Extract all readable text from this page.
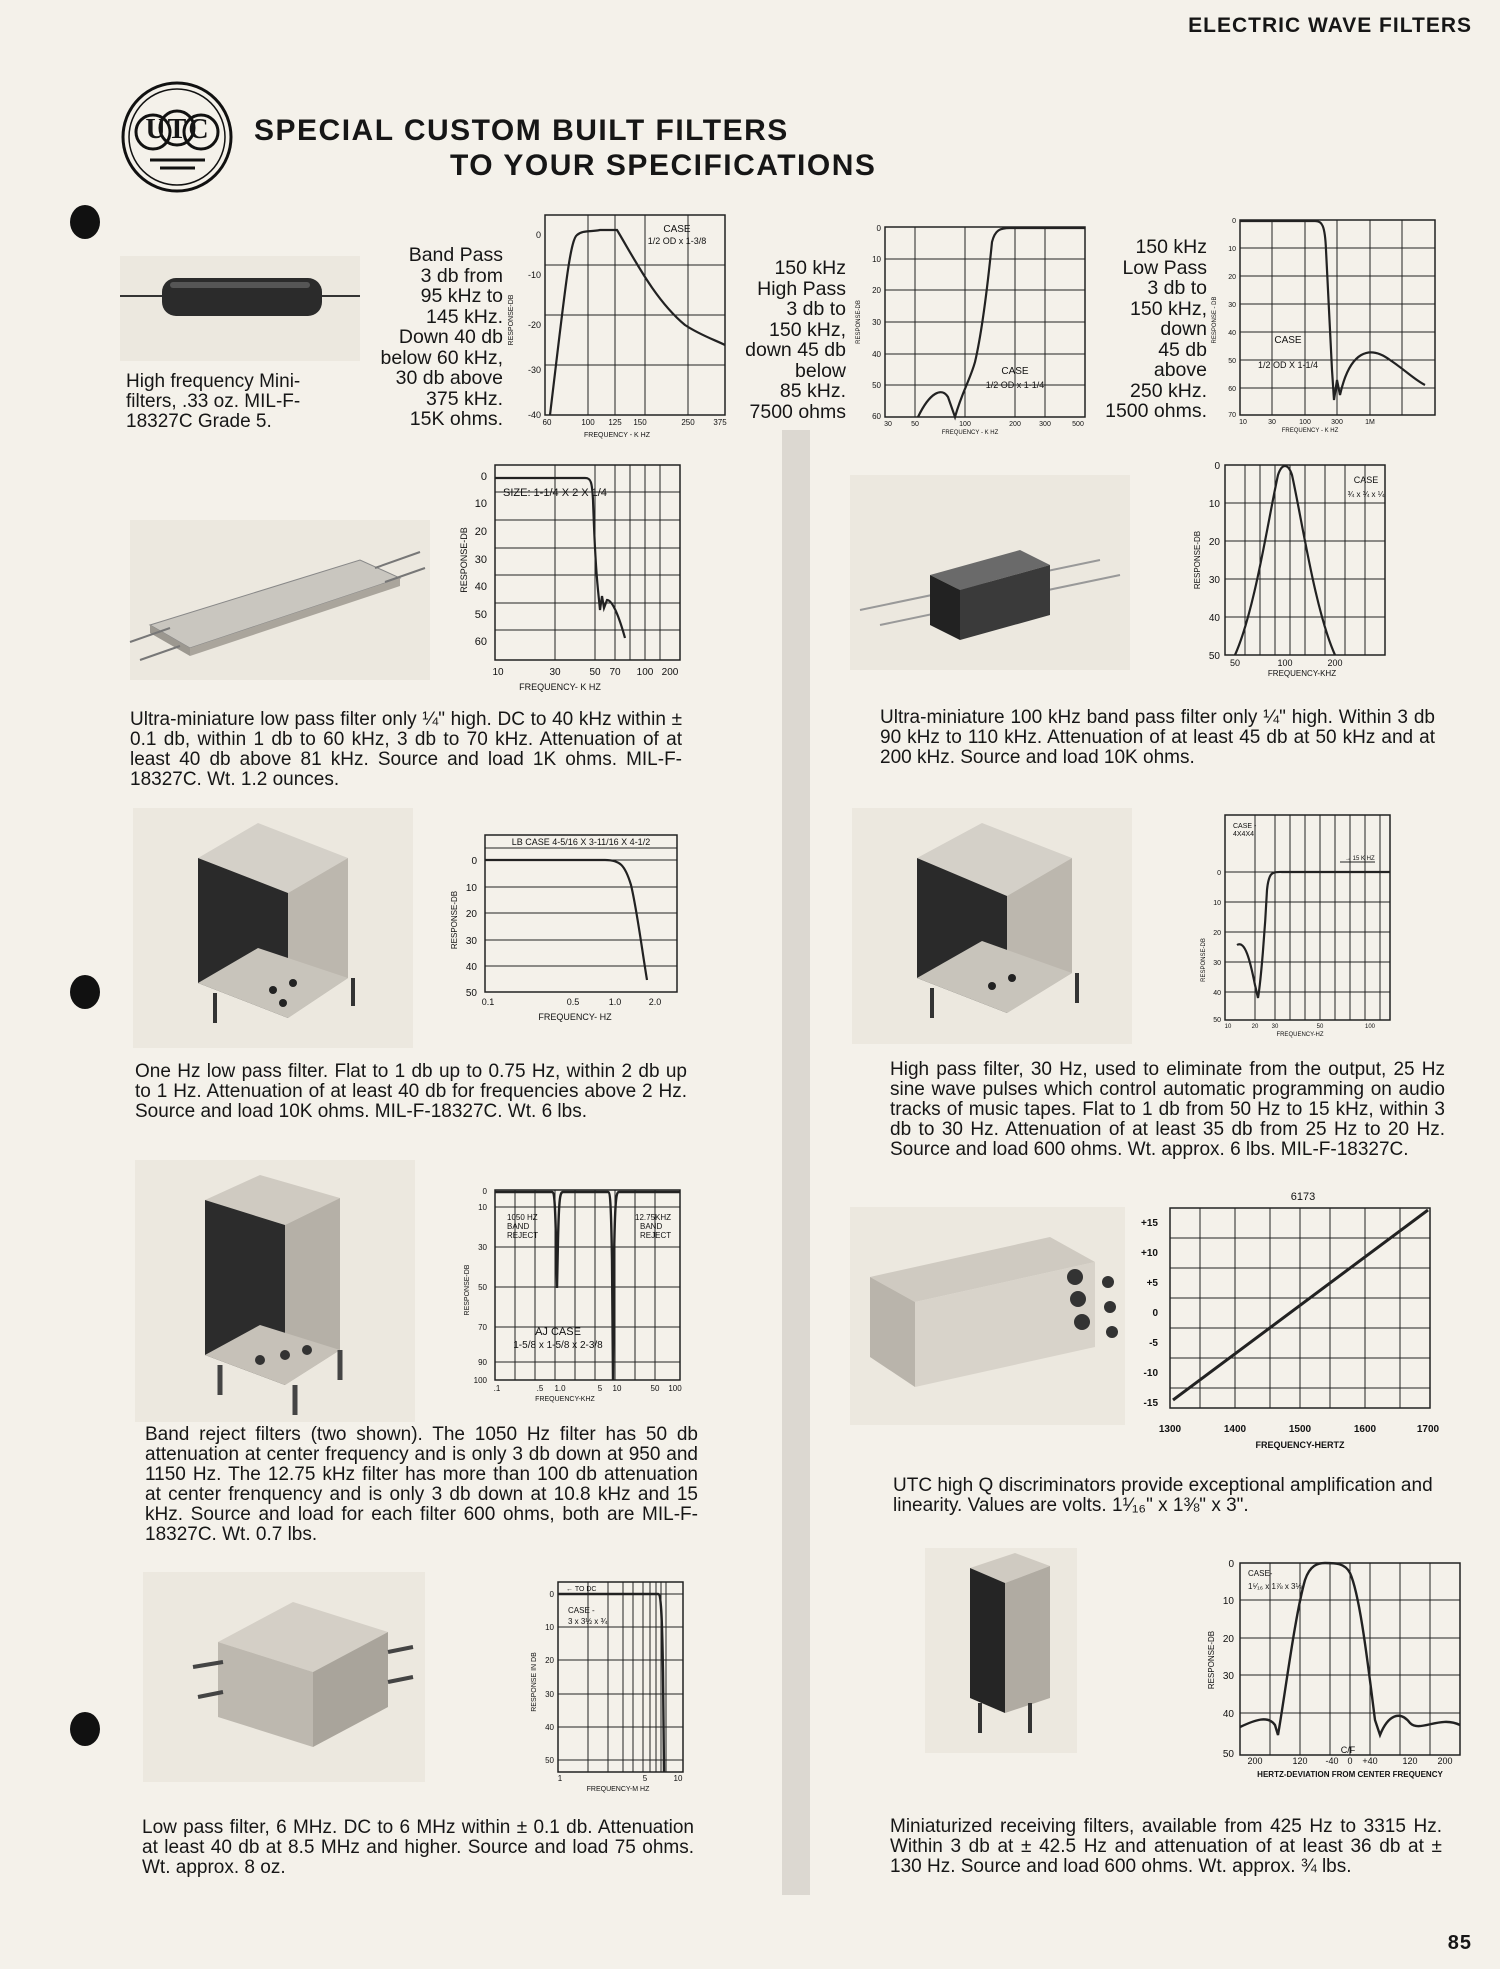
ELECTRIC WAVE FILTERS
85
UTC SPECIAL CUSTOM BUILT FILTERS
TO YOUR SPECIFICATIONS
High frequency Mini-
filters, .33 oz. MIL-F-
18327C Grade 5.
Band Pass
3 db from
95 kHz to
145 kHz.
Down 40 db
below 60 kHz,
30 db above
375 kHz.
15K ohms.
0
-10
-20
-30
-40
60	100 125 150	250 375
FREQUENCY - K HZ
RESPONSE-DB
CASE
1/2 OD x 1-3/8
150 kHz
High Pass
3 db to
150 kHz,
down 45 db
below
85 kHz.
7500 ohms
0
10
20
30
40
50
60
30	50	100	200	300	500
FREQUENCY - K HZ
RESPONSE-DB
CASE
1/2 OD x 1-1/4
150 kHz
Low Pass
3 db to
150 kHz,
down
45 db
above
250 kHz.
1500 ohms.
0
10
20
30
40
50
60
70
10	30	100	300	1M
FREQUENCY - K HZ
RESPONSE - DB	CASE
1/2 OD X 1-1/4
0
10
20
30
40
50
60
10	30	50 70 100 200
FREQUENCY- K HZ
RESPONSE-DB
SIZE: 1-1/4 X 2 X 1/4
Ultra-miniature low pass filter only ¼" high. DC to 40 kHz within ± 0.1 db, within 1 db to 60 kHz, 3 db to 70 kHz. Attenuation of at least 40 db above 81 kHz. Source and load 1K ohms. MIL-F-18327C. Wt. 1.2 ounces.
0
10
20
30
40
50
50	100	200
FREQUENCY-KHZ
RESPONSE-DB
CASE
¾ x ¾ x ¼
Ultra-miniature 100 kHz band pass filter only ¼" high. Within 3 db 90 kHz to 110 kHz. Attenuation of at least 45 db at 50 kHz and at 200 kHz. Source and load 10K ohms.
0
10
20
30
40
50
0.1	0.5	1.0	2.0
FREQUENCY- HZ
RESPONSE-DB
LB CASE 4-5/16 X 3-11/16 X 4-1/2
One Hz low pass filter. Flat to 1 db up to 0.75 Hz, within 2 db up to 1 Hz. Attenuation of at least 40 db for frequencies above 2 Hz. Source and load 10K ohms. MIL-F-18327C. Wt. 6 lbs.
0
10
20
30
40
50
10	20 30	50	100
FREQUENCY-HZ
RESPONSE-DB
CASE -
4X4X4
→ 15 K HZ
High pass filter, 30 Hz, used to eliminate from the output, 25 Hz sine wave pulses which control automatic programming on audio tracks of music tapes. Flat to 1 db from 50 Hz to 15 kHz, within 3 db to 30 Hz. Attenuation of at least 35 db from 25 Hz to 20 Hz. Source and load 600 ohms. Wt. approx. 6 lbs. MIL-F-18327C.
0
10
30
50
70
90
100
.1	.5 1.0	5 10	50 100
FREQUENCY-KHZ
RESPONSE-DB
1050 HZ
BAND
REJECT
12.75KHZ
BAND
REJECT
AJ CASE
1-5/8 x 1-5/8 x 2-3/8
Band reject filters (two shown). The 1050 Hz filter has 50 db attenuation at center frequency and is only 3 db down at 950 and 1150 Hz. The 12.75 kHz filter has more than 100 db attenuation at center frenquency and is only 3 db down at 10.8 kHz and 15 kHz. Source and load for each filter 600 ohms, both are MIL-F-18327C. Wt. 0.7 lbs.
6173
+15
+10
+5
0
-5
-10
-15
1300	1400	1500	1600	1700
FREQUENCY-HERTZ
UTC high Q discriminators provide exceptional amplification and linearity. Values are volts. 1¹⁄₁₆" x 1⅜" x 3".
0
10
20
30
40
50
1	5	10
FREQUENCY-M HZ
RESPONSE IN DB
← TO DC
CASE -
3 x 3½ x ¾
Low pass filter, 6 MHz. DC to 6 MHz within ± 0.1 db. Attenuation at least 40 db at 8.5 MHz and higher. Source and load 75 ohms. Wt. approx. 8 oz.
0
10
20
30
40
50
200	120 -40 0 +40	120 200
HERTZ-DEVIATION FROM CENTER FREQUENCY
RESPONSE-DB
C/F
CASE-
1⁵⁄₁₆ x 1⅞ x 3⅛
Miniaturized receiving filters, available from 425 Hz to 3315 Hz. Within 3 db at ± 42.5 Hz and attenuation of at least 36 db at ± 130 Hz. Source and load 600 ohms. Wt. approx. ¾ lbs.
